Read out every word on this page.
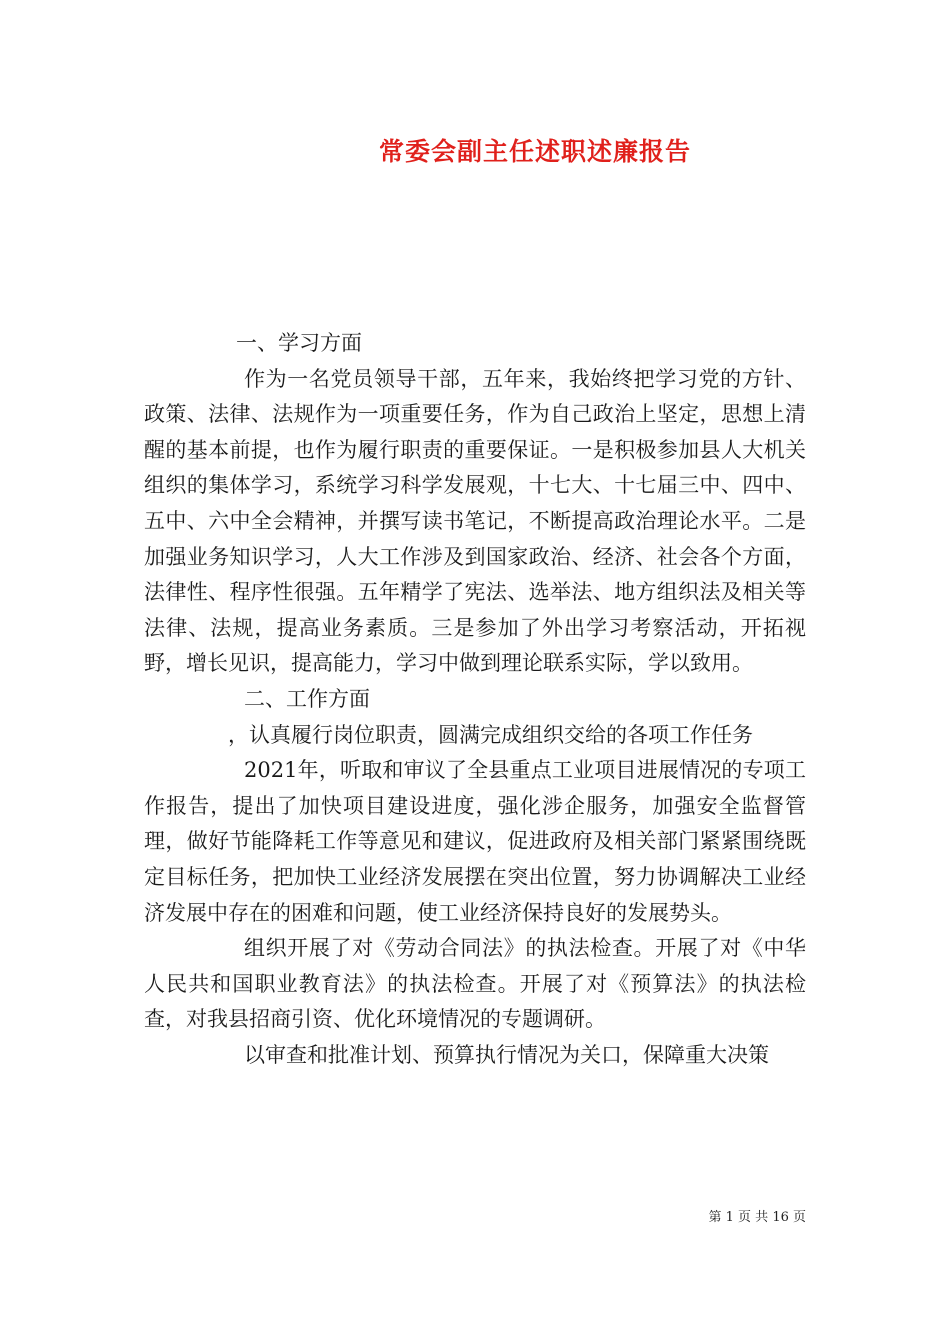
常委会副主任述职述廉报告

一、学习方面

作为一名党员领导干部，五年来，我始终把学习党的方针、政策、法律、法规作为一项重要任务，作为自己政治上坚定，思想上清醒的基本前提，也作为履行职责的重要保证。一是积极参加县人大机关组织的集体学习，系统学习科学发展观，十七大、十七届三中、四中、五中、六中全会精神，并撰写读书笔记，不断提高政治理论水平。二是加强业务知识学习，人大工作涉及到国家政治、经济、社会各个方面，法律性、程序性很强。五年精学了宪法、选举法、地方组织法及相关等法律、法规，提高业务素质。三是参加了外出学习考察活动，开拓视野，增长见识，提高能力，学习中做到理论联系实际，学以致用。

二、工作方面

，认真履行岗位职责，圆满完成组织交给的各项工作任务

2021年，听取和审议了全县重点工业项目进展情况的专项工作报告，提出了加快项目建设进度，强化涉企服务，加强安全监督管理，做好节能降耗工作等意见和建议，促进政府及相关部门紧紧围绕既定目标任务，把加快工业经济发展摆在突出位置，努力协调解决工业经济发展中存在的困难和问题，使工业经济保持良好的发展势头。

组织开展了对《劳动合同法》的执法检查。开展了对《中华人民共和国职业教育法》的执法检查。开展了对《预算法》的执法检查，对我县招商引资、优化环境情况的专题调研。

以审查和批准计划、预算执行情况为关口，保障重大决策

第 1 页 共 16 页
